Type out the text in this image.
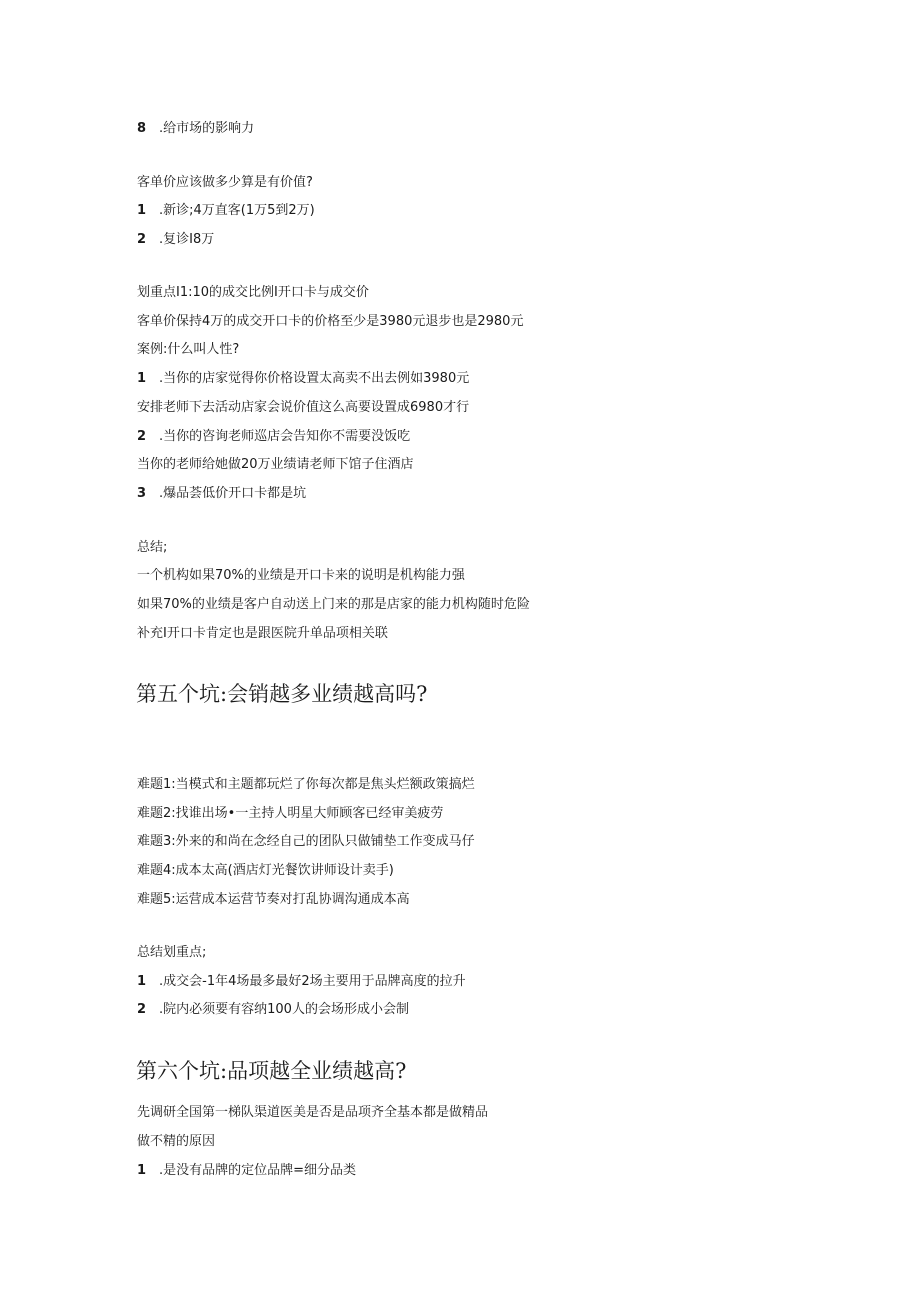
8 .给市场的影响力
客单价应该做多少算是有价值?
1 .新诊;4万直客(1万5到2万)
2 .复诊I8万
划重点I1:10的成交比例I开口卡与成交价
客单价保持4万的成交开口卡的价格至少是3980元退步也是2980元
案例:什么叫人性?
1 .当你的店家觉得你价格设置太高卖不出去例如3980元
安排老师下去活动店家会说价值这么高要设置成6980才行
2 .当你的咨询老师巡店会告知你不需要没饭吃
当你的老师给她做20万业绩请老师下馆子住酒店
3 .爆品荟低价开口卡都是坑
总结;
一个机构如果70%的业绩是开口卡来的说明是机构能力强
如果70%的业绩是客户自动送上门来的那是店家的能力机构随时危险
补充I开口卡肯定也是跟医院升单品项相关联
第五个坑:会销越多业绩越高吗?
难题1:当模式和主题都玩烂了你每次都是焦头烂额政策搞烂
难题2:找谁出场•一主持人明星大师顾客已经审美疲劳
难题3:外来的和尚在念经自己的团队只做铺垫工作变成马仔
难题4:成本太高(酒店灯光餐饮讲师设计卖手)
难题5:运营成本运营节奏对打乱协调沟通成本高
总结划重点;
1 .成交会-1年4场最多最好2场主要用于品牌高度的拉升
2 .院内必须要有容纳100人的会场形成小会制
第六个坑:品项越全业绩越高?
先调研全国第一梯队渠道医美是否是品项齐全基本都是做精品
做不精的原因
1 .是没有品牌的定位品牌=细分品类
